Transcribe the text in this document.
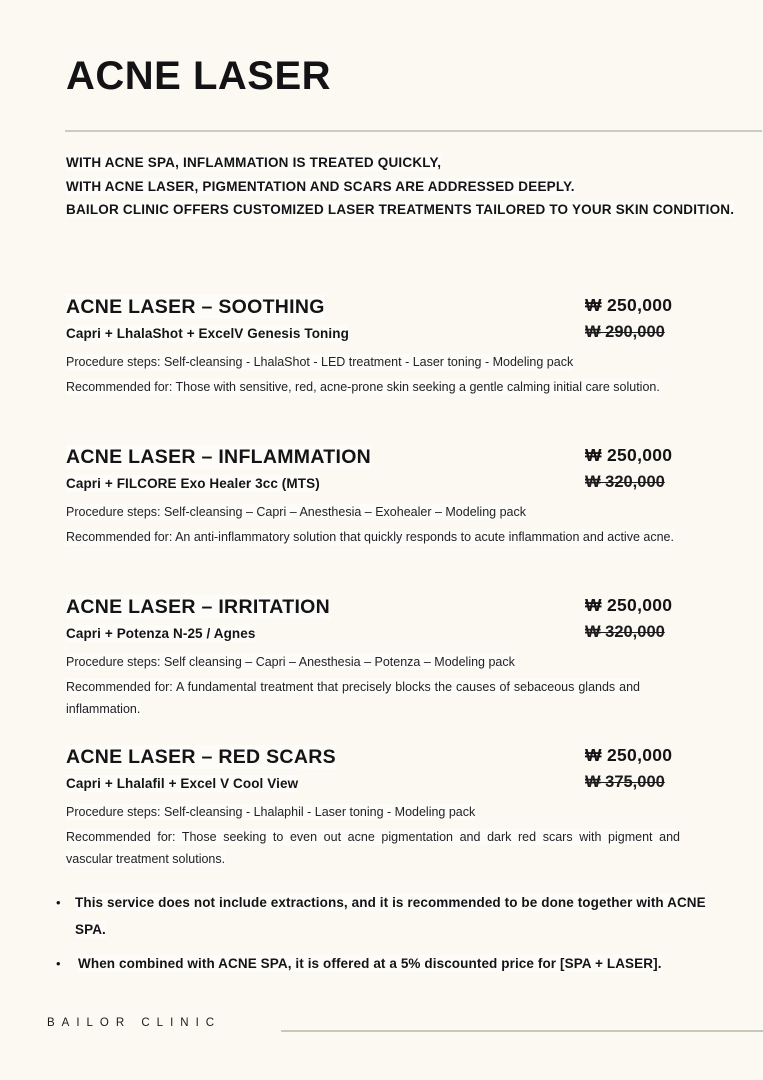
ACNE LASER

WITH ACNE SPA, INFLAMMATION IS TREATED QUICKLY,

WITH ACNE LASER, PIGMENTATION AND SCARS ARE ADDRESSED DEEPLY.

BAILOR CLINIC OFFERS CUSTOMIZED LASER TREATMENTS TAILORED TO YOUR SKIN CONDITION.

ACNE LASER – SOOTHING

Capri + LhalaShot + ExcelV Genesis Toning

Procedure steps: Self-cleansing - LhalaShot - LED treatment - Laser toning - Modeling pack

Recommended for: Those with sensitive, red, acne-prone skin seeking a gentle calming initial care solution.

₩ 250,000
₩ 290,000
ACNE LASER – INFLAMMATION

Capri + FILCORE Exo Healer 3cc (MTS)

Procedure steps: Self-cleansing – Capri – Anesthesia – Exohealer – Modeling pack

Recommended for: An anti-inflammatory solution that quickly responds to acute inflammation and active acne.

₩ 250,000
₩ 320,000
ACNE LASER – IRRITATION

Capri + Potenza N-25 / Agnes

Procedure steps: Self cleansing – Capri – Anesthesia – Potenza – Modeling pack

Recommended for: A fundamental treatment that precisely blocks the causes of sebaceous glands and inflammation.

₩ 250,000
₩ 320,000
ACNE LASER – RED SCARS

Capri + Lhalafil + Excel V Cool View

Procedure steps: Self-cleansing - Lhalaphil - Laser toning - Modeling pack

Recommended for: Those seeking to even out acne pigmentation and dark red scars with pigment and vascular treatment solutions.

₩ 250,000
₩ 375,000
•	This service does not include extractions, and it is recommended to be done together with ACNE SPA.

•	When combined with ACNE SPA, it is offered at a 5% discounted price for [SPA + LASER].

BAILOR CLINIC
